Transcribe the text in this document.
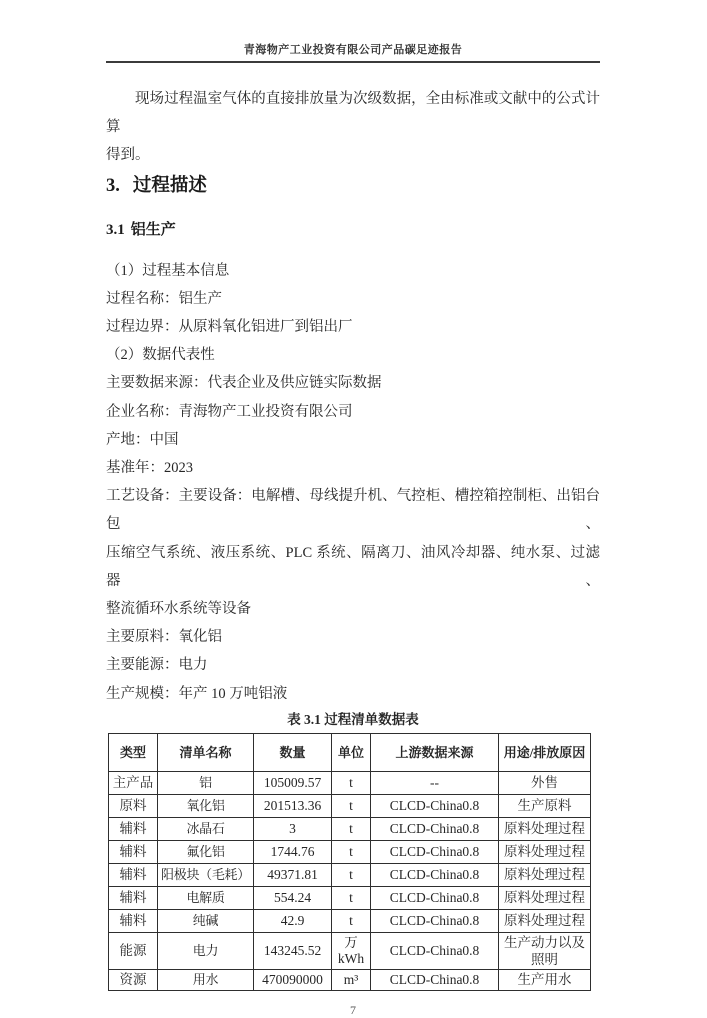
青海物产工业投资有限公司产品碳足迹报告
现场过程温室气体的直接排放量为次级数据，全由标准或文献中的公式计算
得到。
3. 过程描述
3.1 铝生产
（1）过程基本信息
过程名称：铝生产
过程边界：从原料氧化铝进厂到铝出厂
（2）数据代表性
主要数据来源：代表企业及供应链实际数据
企业名称：青海物产工业投资有限公司
产地：中国
基准年：2023
工艺设备：主要设备：电解槽、母线提升机、气控柜、槽控箱控制柜、出铝台包、
压缩空气系统、液压系统、PLC 系统、隔离刀、油风冷却器、纯水泵、过滤器、
整流循环水系统等设备
主要原料：氧化铝
主要能源：电力
生产规模：年产 10 万吨铝液
表 3.1 过程清单数据表
类型	清单名称	数量	单位	上游数据来源	用途/排放原因
主产品	铝	105009.57	t	--	外售
原料	氧化铝	201513.36	t	CLCD-China0.8	生产原料
辅料	冰晶石	3	t	CLCD-China0.8	原料处理过程
辅料	氟化铝	1744.76	t	CLCD-China0.8	原料处理过程
辅料	阳极块（毛耗）	49371.81	t	CLCD-China0.8	原料处理过程
辅料	电解质	554.24	t	CLCD-China0.8	原料处理过程
辅料	纯碱	42.9	t	CLCD-China0.8	原料处理过程
能源	电力	143245.52	万 kWh	CLCD-China0.8	生产动力以及照明
资源	用水	470090000	m³	CLCD-China0.8	生产用水
7
